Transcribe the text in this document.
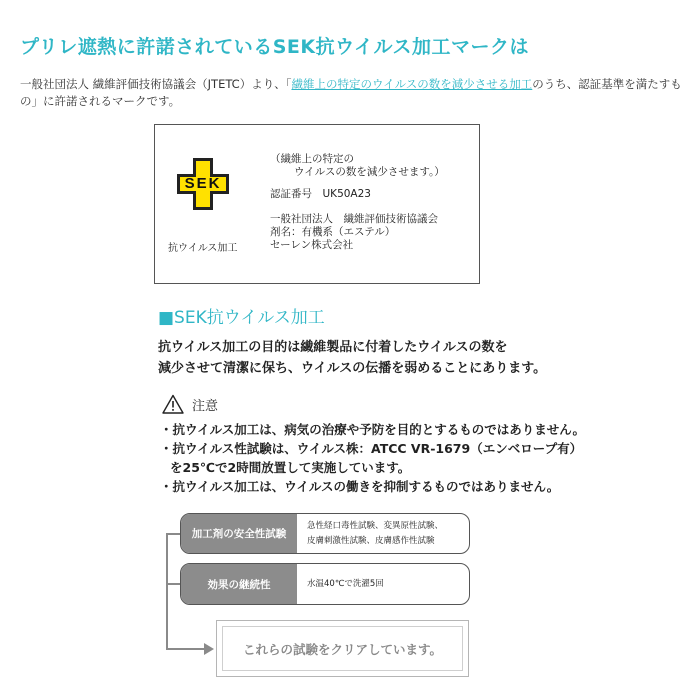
プリレ遮熱に許諾されているSEK抗ウイルス加工マークは
一般社団法人 繊維評価技術協議会（JTETC）より、「繊維上の特定のウイルスの数を減少させる加工のうち、認証基準を満たすもの」に許諾されるマークです。
SEK
抗ウイルス加工
（繊維上の特定の
ウイルスの数を減少させます。）
認証番号　UK50A23
一般社団法人　繊維評価技術協議会
剤名：有機系（エステル）
セーレン株式会社
■SEK抗ウイルス加工
抗ウイルス加工の目的は繊維製品に付着したウイルスの数を
減少させて清潔に保ち、ウイルスの伝播を弱めることにあります。
注意
・抗ウイルス加工は、病気の治療や予防を目的とするものではありません。
・抗ウイルス性試験は、ウイルス株：ATCC VR-1679（エンベロープ有）
を25℃で2時間放置して実施しています。
・抗ウイルス加工は、ウイルスの働きを抑制するものではありません。
加工剤の安全性試験
急性経口毒性試験、変異原性試験、
皮膚刺激性試験、皮膚感作性試験
効果の継続性	水温40℃で洗濯5回
これらの試験をクリアしています。
